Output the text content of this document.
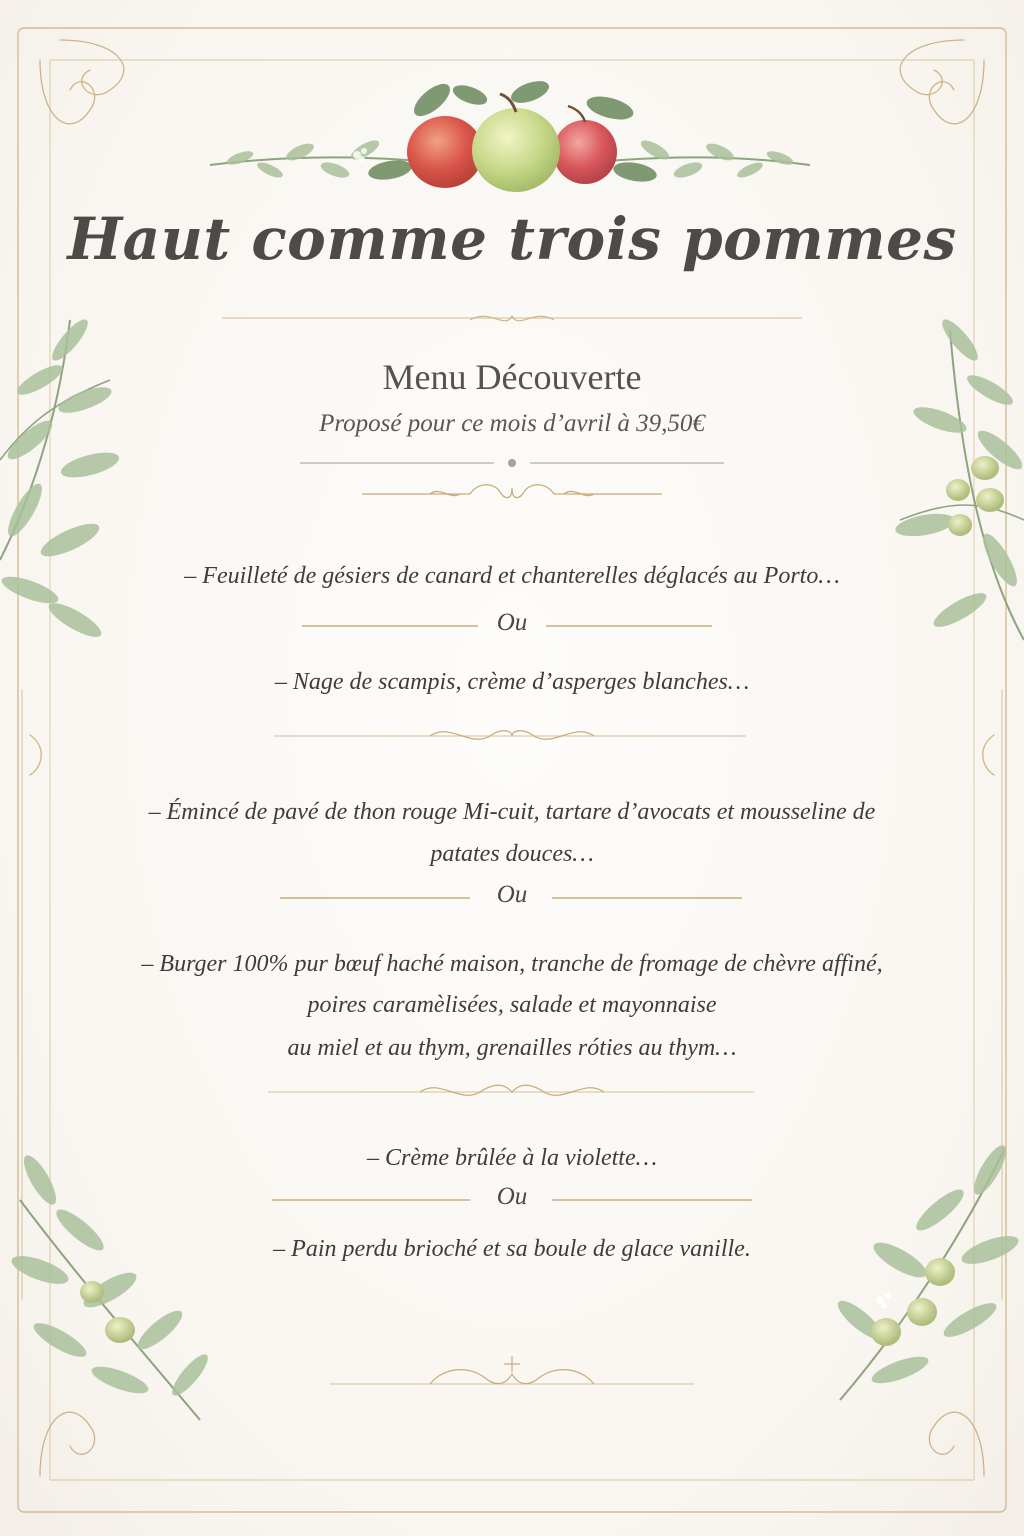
Haut comme trois pommes
Menu Découverte

Proposé pour ce mois d’avril à 39,50€

– Feuilleté de gésiers de canard et chanterelles déglacés au Porto…

Ou

– Nage de scampis, crème d’asperges blanches…

– Émincé de pavé de thon rouge Mi-cuit, tartare d’avocats et mousseline de

patates douces…

Ou

– Burger 100% pur bœuf haché maison, tranche de fromage de chèvre affiné,

poires caramèlisées, salade et mayonnaise

au miel et au thym, grenailles róties au thym…

– Crème brûlée à la violette…

Ou

– Pain perdu brioché et sa boule de glace vanille.
